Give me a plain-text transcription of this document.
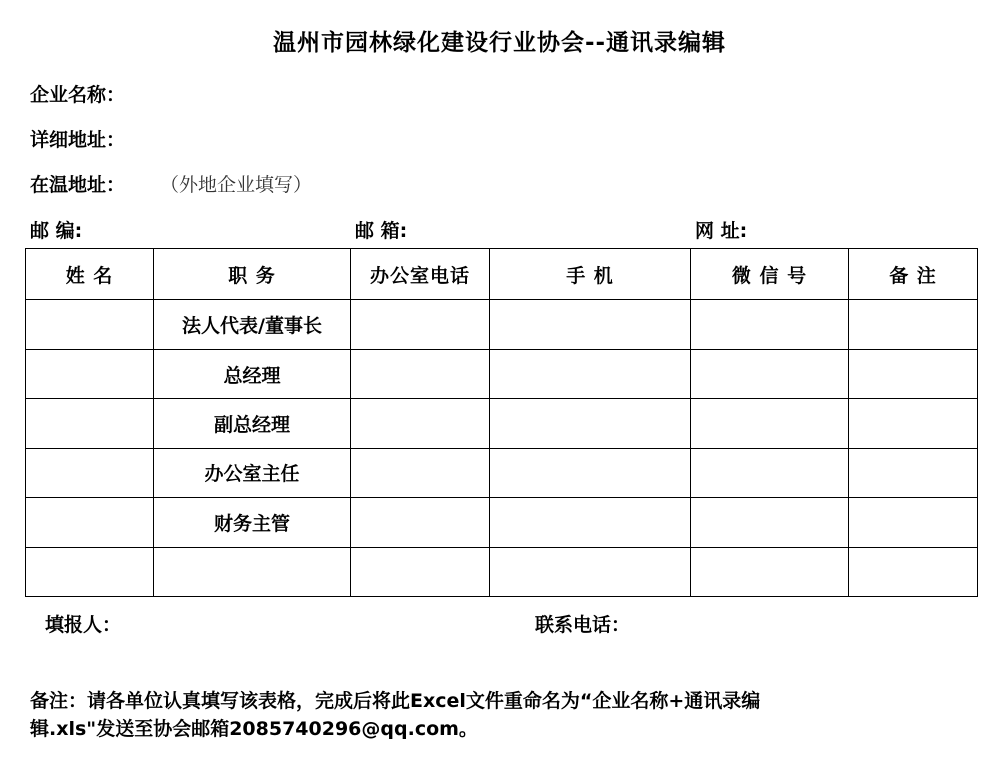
温州市园林绿化建设行业协会--通讯录编辑
企业名称：
详细地址：
在温地址： （外地企业填写）
邮 编:	邮 箱:	网 址:
姓 名	职 务	办公室电话	手 机	微 信 号	备 注
	法人代表/董事长				
	总经理				
	副总经理				
	办公室主任				
	财务主管				

填报人：	联系电话：
备注：请各单位认真填写该表格，完成后将此Excel文件重命名为“企业名称+通讯录编
辑.xls"发送至协会邮箱2085740296@qq.com。
